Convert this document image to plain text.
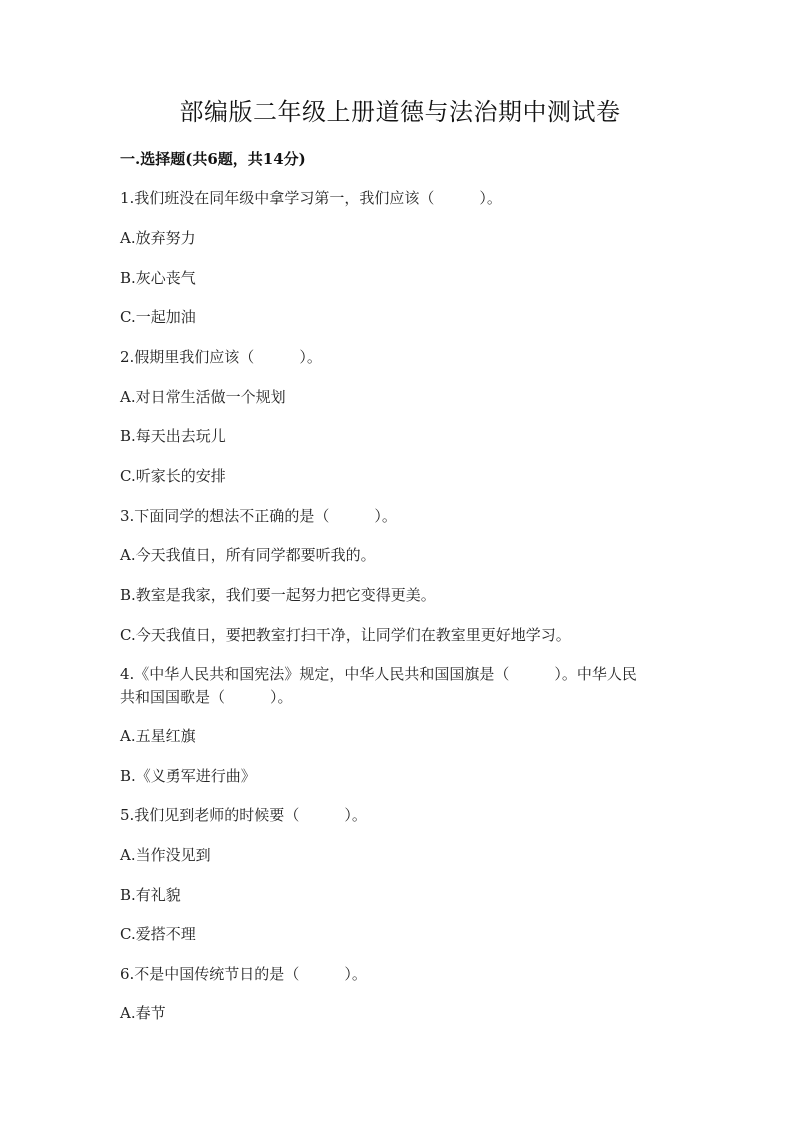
部编版二年级上册道德与法治期中测试卷
一.选择题(共6题，共14分)
1.我们班没在同年级中拿学习第一，我们应该（　　　）。
A.放弃努力
B.灰心丧气
C.一起加油
2.假期里我们应该（　　　）。
A.对日常生活做一个规划
B.每天出去玩儿
C.听家长的安排
3.下面同学的想法不正确的是（　　　）。
A.今天我值日，所有同学都要听我的。
B.教室是我家，我们要一起努力把它变得更美。
C.今天我值日，要把教室打扫干净，让同学们在教室里更好地学习。
4.《中华人民共和国宪法》规定，中华人民共和国国旗是（　　　）。中华人民
共和国国歌是（　　　）。
A.五星红旗
B.《义勇军进行曲》
5.我们见到老师的时候要（　　　）。
A.当作没见到
B.有礼貌
C.爱搭不理
6.不是中国传统节日的是（　　　）。
A.春节
